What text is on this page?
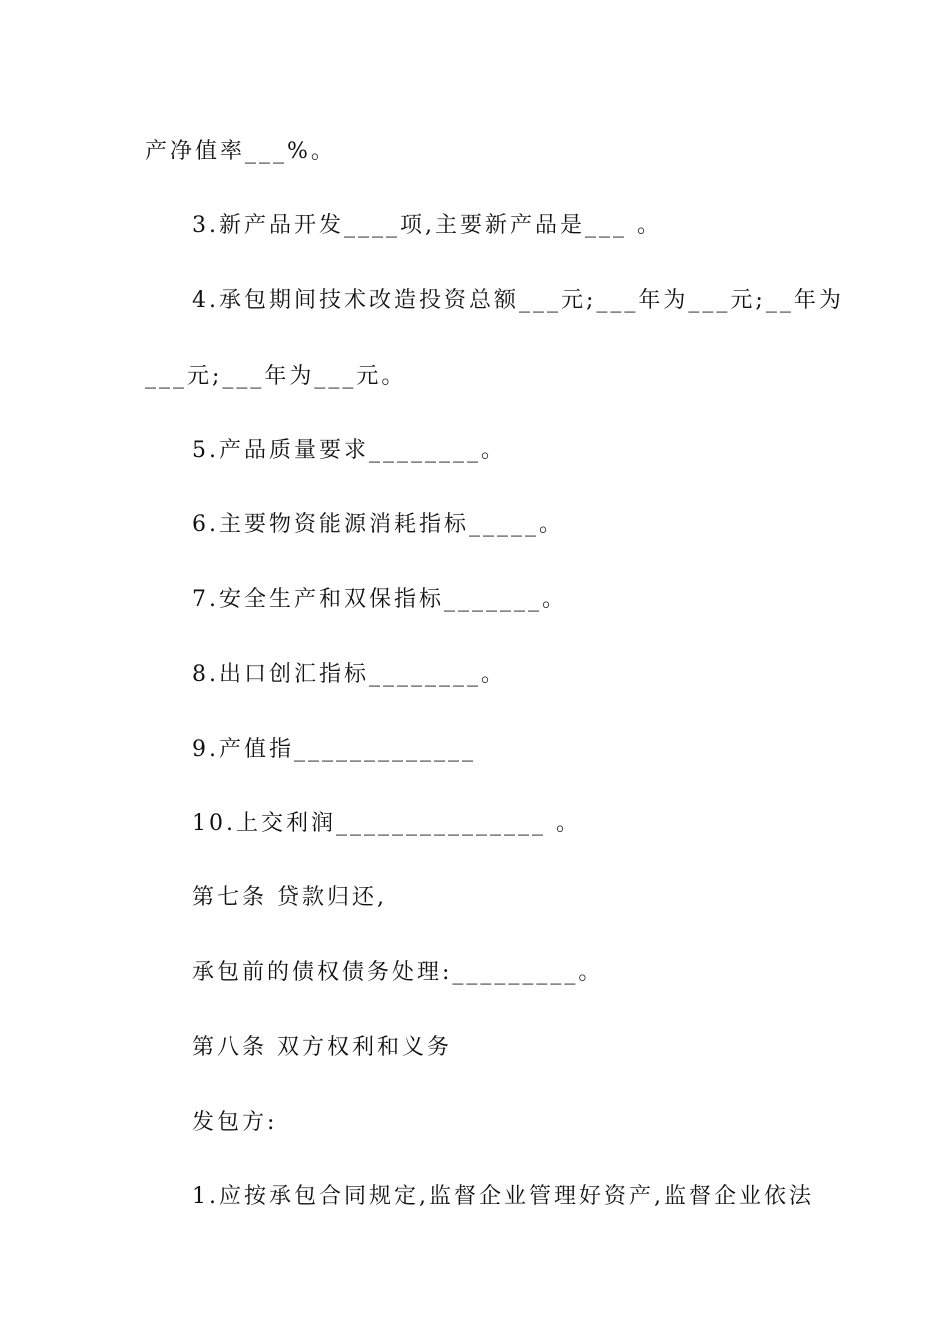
产净值率___%。
3.新产品开发____项,主要新产品是___ 。
4.承包期间技术改造投资总额___元;___年为___元;__年为
___元;___年为___元。
5.产品质量要求________。
6.主要物资能源消耗指标_____。
7.安全生产和双保指标_______。
8.出口创汇指标________。
9.产值指_____________
10.上交利润_______________ 。
第七条 贷款归还,
承包前的债权债务处理:_________。
第八条 双方权利和义务
发包方:
1.应按承包合同规定,监督企业管理好资产,监督企业依法
